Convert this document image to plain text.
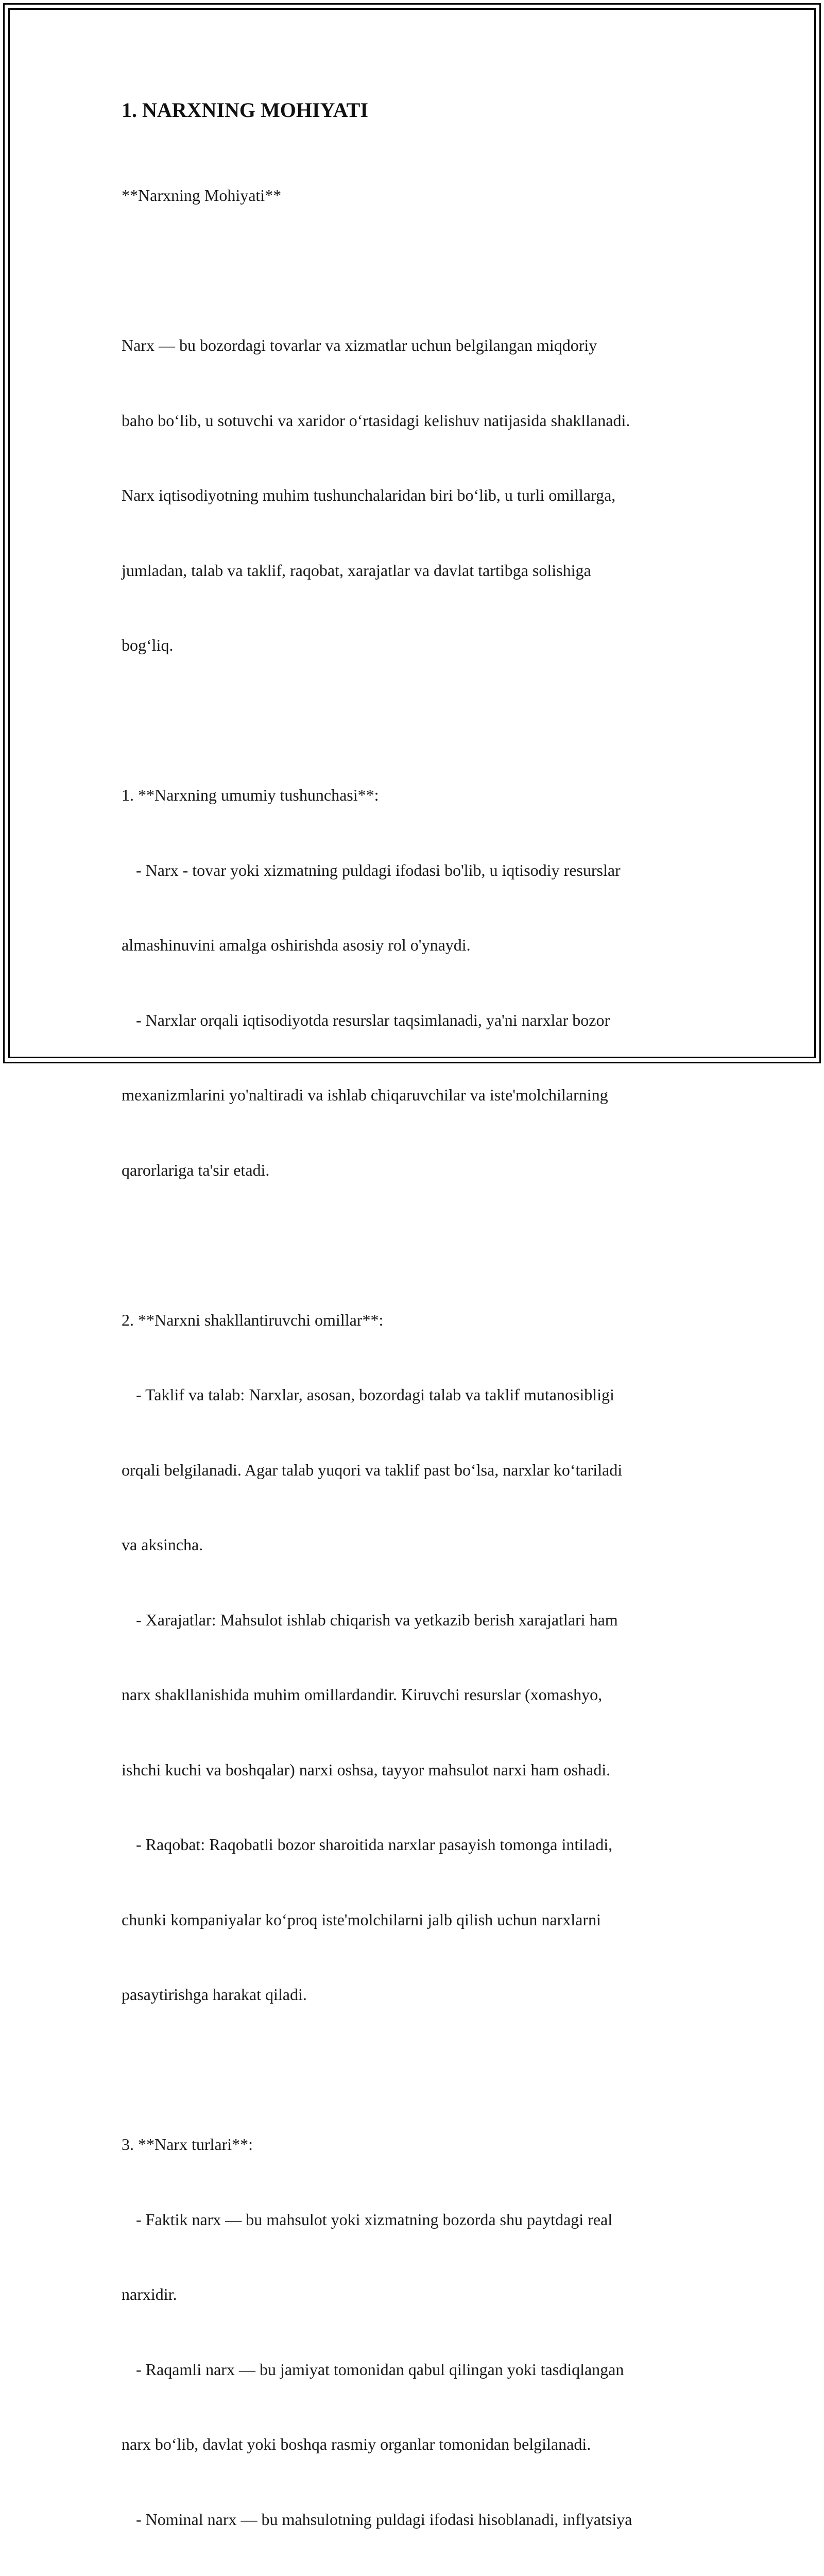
1. NARXNING MOHIYATI

**Narxning Mohiyati**

Narx — bu bozordagi tovarlar va xizmatlar uchun belgilangan miqdoriy

baho bo‘lib, u sotuvchi va xaridor o‘rtasidagi kelishuv natijasida shakllanadi.

Narx iqtisodiyotning muhim tushunchalaridan biri bo‘lib, u turli omillarga,

jumladan, talab va taklif, raqobat, xarajatlar va davlat tartibga solishiga

bog‘liq.

1. **Narxning umumiy tushunchasi**:

- Narx - tovar yoki xizmatning puldagi ifodasi bo'lib, u iqtisodiy resurslar

almashinuvini amalga oshirishda asosiy rol o'ynaydi.

- Narxlar orqali iqtisodiyotda resurslar taqsimlanadi, ya'ni narxlar bozor

mexanizmlarini yo'naltiradi va ishlab chiqaruvchilar va iste'molchilarning

qarorlariga ta'sir etadi.

2. **Narxni shakllantiruvchi omillar**:

- Taklif va talab: Narxlar, asosan, bozordagi talab va taklif mutanosibligi

orqali belgilanadi. Agar talab yuqori va taklif past bo‘lsa, narxlar ko‘tariladi

va aksincha.

- Xarajatlar: Mahsulot ishlab chiqarish va yetkazib berish xarajatlari ham

narx shakllanishida muhim omillardandir. Kiruvchi resurslar (xomashyo,

ishchi kuchi va boshqalar) narxi oshsa, tayyor mahsulot narxi ham oshadi.

- Raqobat: Raqobatli bozor sharoitida narxlar pasayish tomonga intiladi,

chunki kompaniyalar ko‘proq iste'molchilarni jalb qilish uchun narxlarni

pasaytirishga harakat qiladi.

3. **Narx turlari**:

- Faktik narx — bu mahsulot yoki xizmatning bozorda shu paytdagi real

narxidir.

- Raqamli narx — bu jamiyat tomonidan qabul qilingan yoki tasdiqlangan

narx bo‘lib, davlat yoki boshqa rasmiy organlar tomonidan belgilanadi.

- Nominal narx — bu mahsulotning puldagi ifodasi hisoblanadi, inflyatsiya
